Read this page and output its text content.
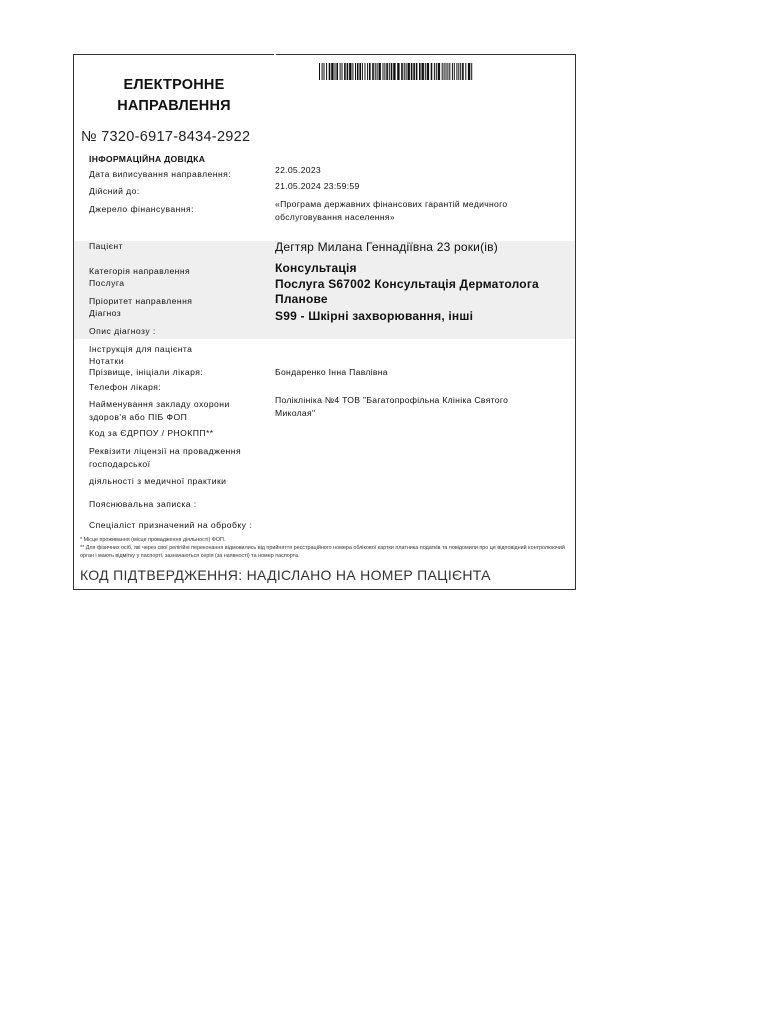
ЕЛЕКТРОННЕ НАПРАВЛЕННЯ
№ 7320-6917-8434-2922
ІНФОРМАЦІЙНА ДОВІДКА
Дата виписування направлення:	22.05.2023
Дійсний до:	21.05.2024 23:59:59
Джерело фінансування:	«Програма державних фінансових гарантій медичного обслуговування населення»
Пацієнт	Дегтяр Милана Геннадіївна 23 роки(ів)
Категорія направлення	Консультація
Послуга	Послуга S67002 Консультація Дерматолога
Пріоритет направлення	Планове
Діагноз	S99 - Шкірні захворювання, інші
Опис діагнозу :
Інструкція для пацієнта
Нотатки
Прізвище, ініціали лікаря:	Бондаренко Інна Павлівна
Телефон лікаря:
Найменування закладу охорони здоров'я або ПІБ ФОП
Поліклініка №4 ТОВ "Багатопрофільна Клініка Святого Миколая"
Код за ЄДРПОУ / РНОКПП**
Реквізити ліцензії на провадження господарської
діяльності з медичної практики
Пояснювальна записка :
Спеціаліст призначений на обробку :
* Місце проживання (місце провадження діяльності) ФОП.
** Для фізичних осіб, які через свої релігійні переконання відмовились від прийняття реєстраційного номера облікової картки платника податків та повідомили про це відповідний контролюючий орган і мають відмітку у паспорті, зазначаються серія (за наявності) та номер паспорта.
КОД ПІДТВЕРДЖЕННЯ: НАДІСЛАНО НА НОМЕР ПАЦІЄНТА
